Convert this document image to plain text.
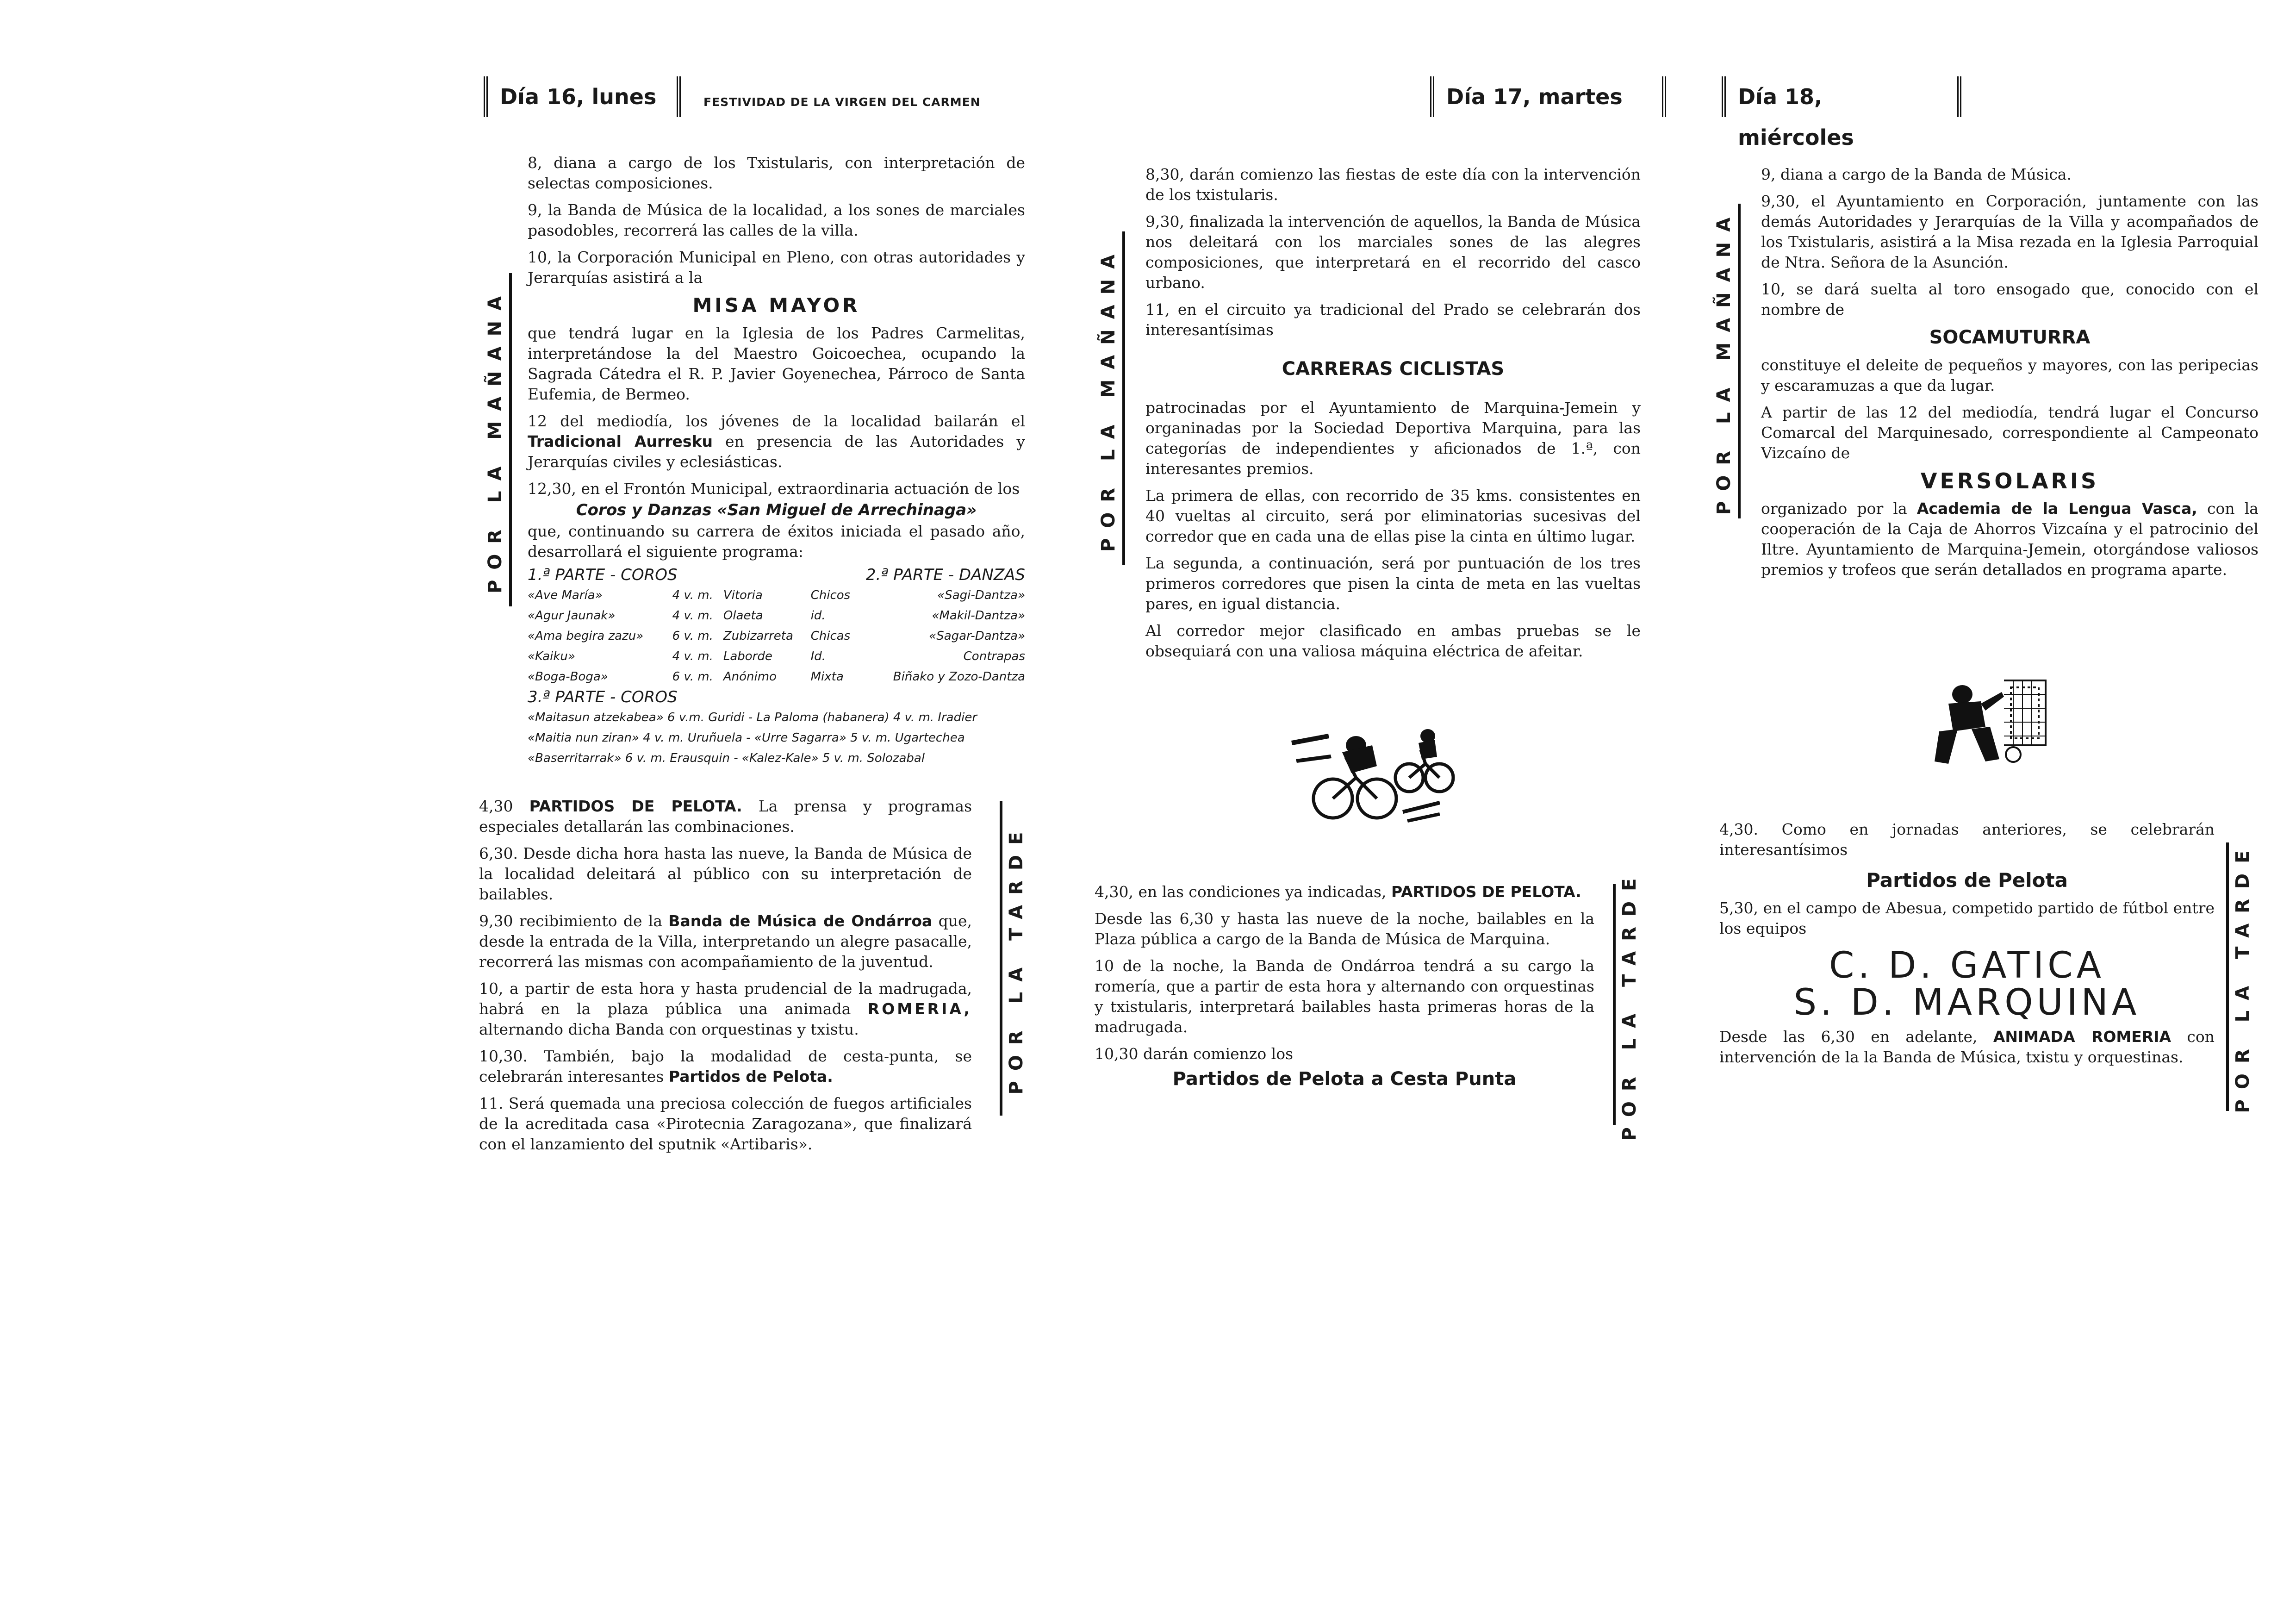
Día 16, lunes	FESTIVIDAD DE LA VIRGEN DEL CARMEN	Día 17, martes	Día 18, miércoles
POR LA MAÑANA	POR LA MAÑANA	POR LA MAÑANA
POR LA TARDE	POR LA TARDE	POR LA TARDE

8, diana a cargo de los Txistularis, con interpretación de selectas composiciones.

9, la Banda de Música de la localidad, a los sones de marciales pasodobles, recorrerá las calles de la villa.

10, la Corporación Municipal en Pleno, con otras autoridades y Jerarquías asistirá a la

MISA MAYOR

que tendrá lugar en la Iglesia de los Padres Carmelitas, interpretándose la del Maestro Goicoechea, ocupando la Sagrada Cátedra el R. P. Javier Goyenechea, Párroco de Santa Eufemia, de Bermeo.

12 del mediodía, los jóvenes de la localidad bailarán el Tradicional Aurresku en presencia de las Autoridades y Jerarquías civiles y eclesiásticas.

12,30, en el Frontón Municipal, extraordinaria actuación de los

Coros y Danzas «San Miguel de Arrechinaga»

que, continuando su carrera de éxitos iniciada el pasado año, desarrollará el siguiente programa:

1.ª PARTE - COROS			2.ª PARTE - DANZAS	
«Ave María»	4 v. m.	Vitoria	Chicos	«Sagi-Dantza»
«Agur Jaunak»	4 v. m.	Olaeta	id.	«Makil-Dantza»
«Ama begira zazu»	6 v. m.	Zubizarreta	Chicas	«Sagar-Dantza»
«Kaiku»	4 v. m.	Laborde	Id.	Contrapas
«Boga-Boga»	6 v. m.	Anónimo	Mixta	Biñako y Zozo-Dantza
3.ª PARTE - COROS
«Maitasun atzekabea» 6 v.m. Guridi - La Paloma (habanera) 4 v. m. Iradier
«Maitia nun ziran» 4 v. m. Uruñuela - «Urre Sagarra» 5 v. m. Ugartechea
«Baserritarrak» 6 v. m. Erausquin - «Kalez-Kale» 5 v. m. Solozabal

4,30 PARTIDOS DE PELOTA. La prensa y programas especiales detallarán las combinaciones.

6,30. Desde dicha hora hasta las nueve, la Banda de Música de la localidad deleitará al público con su interpretación de bailables.

9,30 recibimiento de la Banda de Música de Ondárroa que, desde la entrada de la Villa, interpretando un alegre pasacalle, recorrerá las mismas con acompañamiento de la juventud.

10, a partir de esta hora y hasta prudencial de la madrugada, habrá en la plaza pública una animada ROMERIA, alternando dicha Banda con orquestinas y txistu.

10,30. También, bajo la modalidad de cesta-punta, se celebrarán interesantes Partidos de Pelota.

11. Será quemada una preciosa colección de fuegos artificiales de la acreditada casa «Pirotecnia Zaragozana», que finalizará con el lanzamiento del sputnik «Artibaris».

8,30, darán comienzo las fiestas de este día con la intervención de los txistularis.

9,30, finalizada la intervención de aquellos, la Banda de Música nos deleitará con los marciales sones de las alegres composiciones, que interpretará en el recorrido del casco urbano.

11, en el circuito ya tradicional del Prado se celebrarán dos interesantísimas

CARRERAS CICLISTAS

patrocinadas por el Ayuntamiento de Marquina-Jemein y organinadas por la Sociedad Deportiva Marquina, para las categorías de independientes y aficionados de 1.ª, con interesantes premios.

La primera de ellas, con recorrido de 35 kms. consistentes en 40 vueltas al circuito, será por eliminatorias sucesivas del corredor que en cada una de ellas pise la cinta en último lugar.

La segunda, a continuación, será por puntuación de los tres primeros corredores que pisen la cinta de meta en las vueltas pares, en igual distancia.

Al corredor mejor clasificado en ambas pruebas se le obsequiará con una valiosa máquina eléctrica de afeitar.

4,30, en las condiciones ya indicadas, PARTIDOS DE PELOTA.

Desde las 6,30 y hasta las nueve de la noche, bailables en la Plaza pública a cargo de la Banda de Música de Marquina.

10 de la noche, la Banda de Ondárroa tendrá a su cargo la romería, que a partir de esta hora y alternando con orquestinas y txistularis, interpretará bailables hasta primeras horas de la madrugada.

10,30 darán comienzo los

Partidos de Pelota a Cesta Punta

9, diana a cargo de la Banda de Música.

9,30, el Ayuntamiento en Corporación, juntamente con las demás Autoridades y Jerarquías de la Villa y acompañados de los Txistularis, asistirá a la Misa rezada en la Iglesia Parroquial de Ntra. Señora de la Asunción.

10, se dará suelta al toro ensogado que, conocido con el nombre de

SOCAMUTURRA

constituye el deleite de pequeños y mayores, con las peripecias y escaramuzas a que da lugar.

A partir de las 12 del mediodía, tendrá lugar el Concurso Comarcal del Marquinesado, correspondiente al Campeonato Vizcaíno de

VERSOLARIS

organizado por la Academia de la Lengua Vasca, con la cooperación de la Caja de Ahorros Vizcaína y el patrocinio del Iltre. Ayuntamiento de Marquina-Jemein, otorgándose valiosos premios y trofeos que serán detallados en programa aparte.

4,30. Como en jornadas anteriores, se celebrarán interesantísimos

Partidos de Pelota

5,30, en el campo de Abesua, competido partido de fútbol entre los equipos

C. D. GATICA
S. D. MARQUINA

Desde las 6,30 en adelante, ANIMADA ROMERIA con intervención de la la Banda de Música, txistu y orquestinas.
